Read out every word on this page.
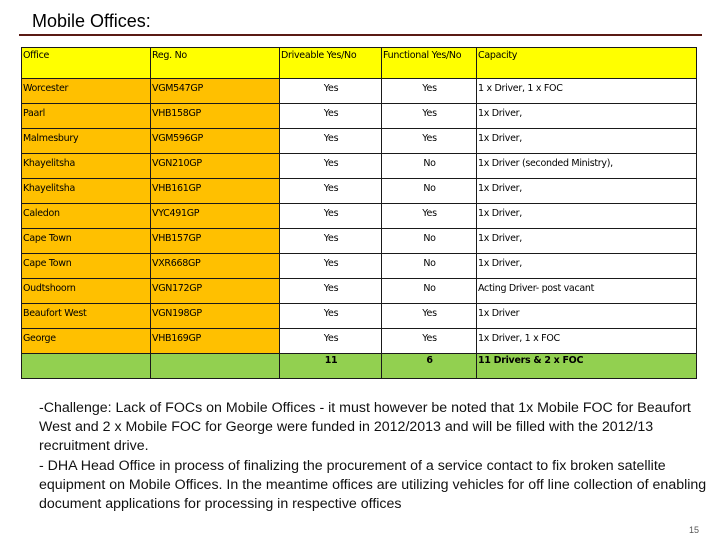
Mobile Offices:
Office	Reg. No	Driveable Yes/No	Functional Yes/No	Capacity
Worcester	VGM547GP	Yes	Yes	1 x Driver, 1 x FOC
Paarl	VHB158GP	Yes	Yes	1x Driver,
Malmesbury	VGM596GP	Yes	Yes	1x Driver,
Khayelitsha	VGN210GP	Yes	No	1x Driver (seconded Ministry),
Khayelitsha	VHB161GP	Yes	No	1x Driver,
Caledon	VYC491GP	Yes	Yes	1x Driver,
Cape Town	VHB157GP	Yes	No	1x Driver,
Cape Town	VXR668GP	Yes	No	1x Driver,
Oudtshoorn	VGN172GP	Yes	No	Acting Driver- post vacant
Beaufort West	VGN198GP	Yes	Yes	1x Driver
George	VHB169GP	Yes	Yes	1x Driver, 1 x FOC
		11	6	11 Drivers & 2 x FOC

-Challenge: Lack of FOCs on Mobile Offices - it must however be noted that 1x Mobile FOC for Beaufort West and 2 x Mobile FOC for George were funded in 2012/2013 and will be filled with the 2012/13 recruitment drive.

- DHA Head Office in process of finalizing the procurement of a service contact to fix broken satellite equipment on Mobile Offices. In the meantime offices are utilizing vehicles for off line collection of enabling document applications for processing in respective offices

15
